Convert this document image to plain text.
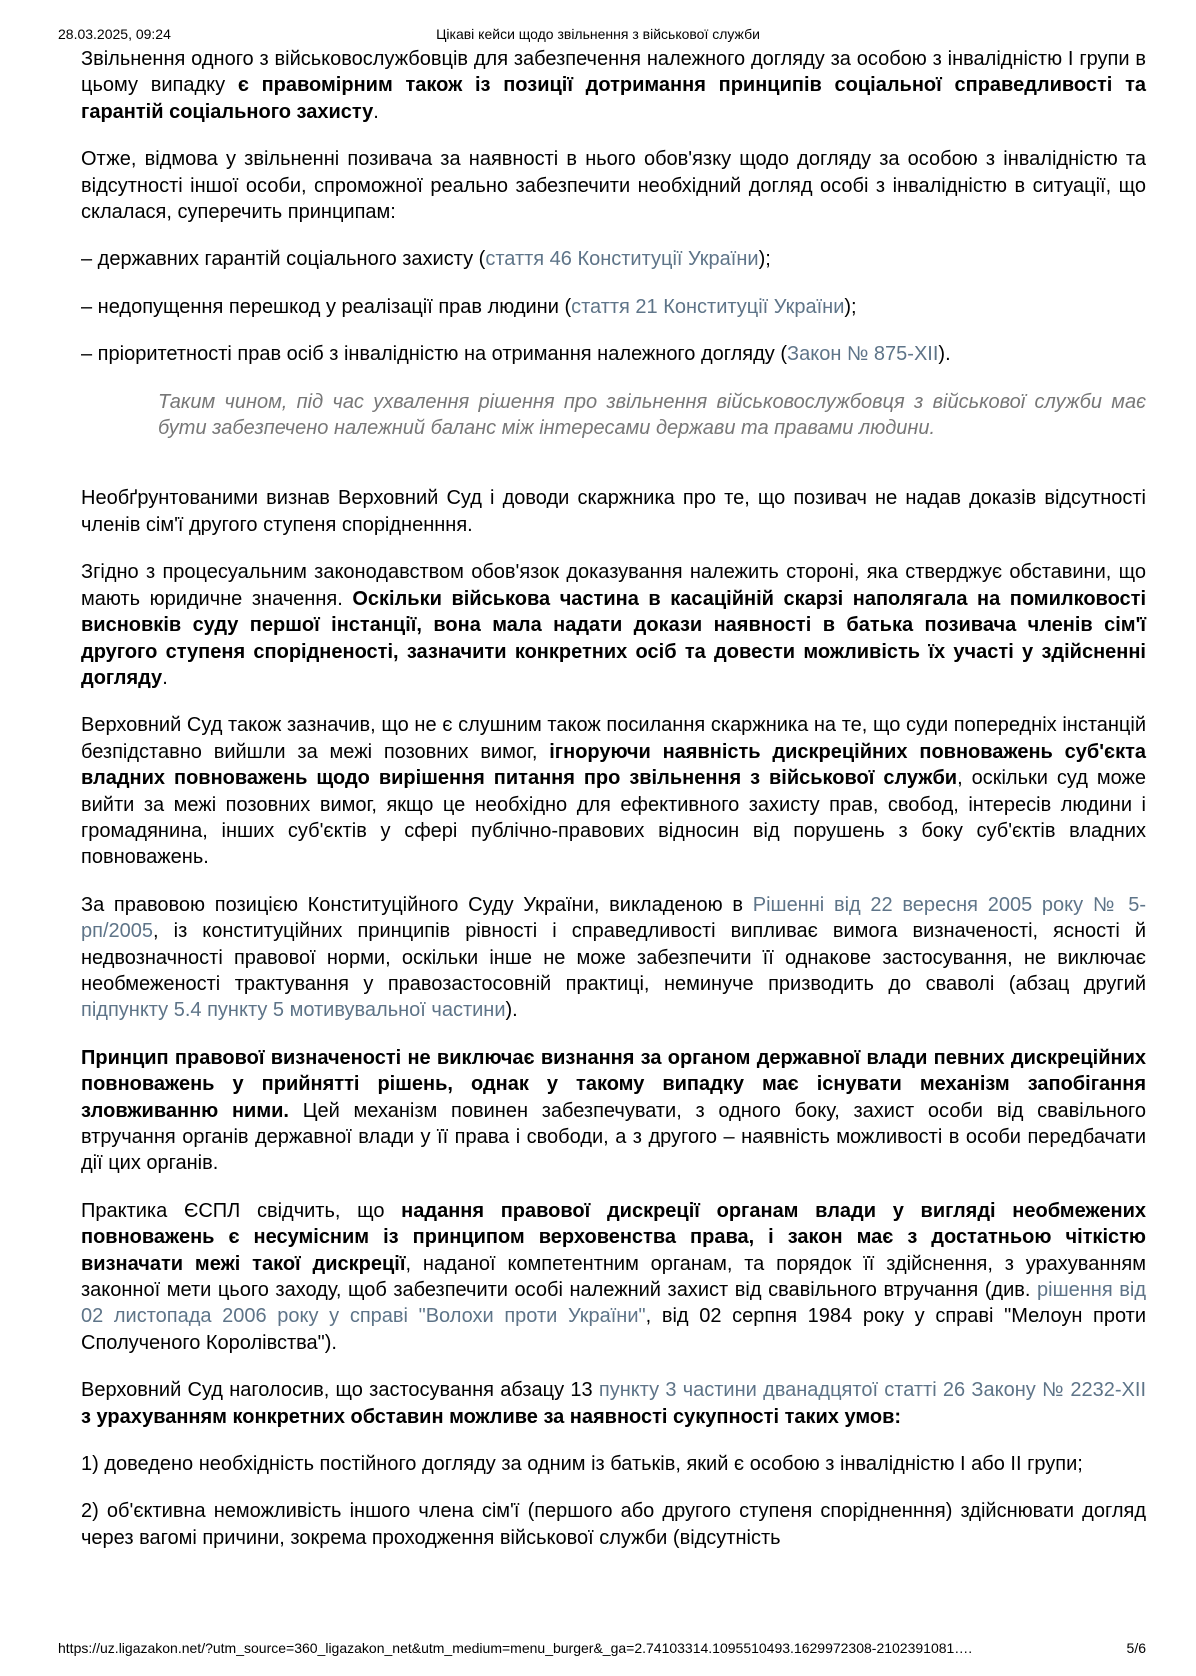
28.03.2025, 09:24	Цікаві кейси щодо звільнення з військової служби

Звільнення одного з військовослужбовців для забезпечення належного догляду за особою з інвалідністю I групи в цьому випадку є правомірним також із позиції дотримання принципів соціальної справедливості та гарантій соціального захисту.

Отже, відмова у звільненні позивача за наявності в нього обов'язку щодо догляду за особою з інвалідністю та відсутності іншої особи, спроможної реально забезпечити необхідний догляд особі з інвалідністю в ситуації, що склалася, суперечить принципам:

– державних гарантій соціального захисту (стаття 46 Конституції України);

– недопущення перешкод у реалізації прав людини (стаття 21 Конституції України);

– пріоритетності прав осіб з інвалідністю на отримання належного догляду (Закон № 875-XII).

Таким чином, під час ухвалення рішення про звільнення військовослужбовця з військової служби має бути забезпечено належний баланс між інтересами держави та правами людини.

Необґрунтованими визнав Верховний Суд і доводи скаржника про те, що позивач не надав доказів відсутності членів сім'ї другого ступеня спорідненння.

Згідно з процесуальним законодавством обов'язок доказування належить стороні, яка стверджує обставини, що мають юридичне значення. Оскільки військова частина в касаційній скарзі наполягала на помилковості висновків суду першої інстанції, вона мала надати докази наявності в батька позивача членів сім'ї другого ступеня спорідненості, зазначити конкретних осіб та довести можливість їх участі у здійсненні догляду.

Верховний Суд також зазначив, що не є слушним також посилання скаржника на те, що суди попередніх інстанцій безпідставно вийшли за межі позовних вимог, ігноруючи наявність дискреційних повноважень суб'єкта владних повноважень щодо вирішення питання про звільнення з військової служби, оскільки суд може вийти за межі позовних вимог, якщо це необхідно для ефективного захисту прав, свобод, інтересів людини і громадянина, інших суб'єктів у сфері публічно-правових відносин від порушень з боку суб'єктів владних повноважень.

За правовою позицією Конституційного Суду України, викладеною в Рішенні від 22 вересня 2005 року № 5-рп/2005, із конституційних принципів рівності і справедливості випливає вимога визначеності, ясності й недвозначності правової норми, оскільки інше не може забезпечити її однакове застосування, не виключає необмеженості трактування у правозастосовній практиці, неминуче призводить до сваволі (абзац другий підпункту 5.4 пункту 5 мотивувальної частини).

Принцип правової визначеності не виключає визнання за органом державної влади певних дискреційних повноважень у прийнятті рішень, однак у такому випадку має існувати механізм запобігання зловживанню ними. Цей механізм повинен забезпечувати, з одного боку, захист особи від свавільного втручання органів державної влади у її права і свободи, а з другого – наявність можливості в особи передбачати дії цих органів.

Практика ЄСПЛ свідчить, що надання правової дискреції органам влади у вигляді необмежених повноважень є несумісним із принципом верховенства права, і закон має з достатньою чіткістю визначати межі такої дискреції, наданої компетентним органам, та порядок її здійснення, з урахуванням законної мети цього заходу, щоб забезпечити особі належний захист від свавільного втручання (див. рішення від 02 листопада 2006 року у справі "Волохи проти України", від 02 серпня 1984 року у справі "Мелоун проти Сполученого Королівства").

Верховний Суд наголосив, що застосування абзацу 13 пункту 3 частини дванадцятої статті 26 Закону № 2232-XII з урахуванням конкретних обставин можливе за наявності сукупності таких умов:

1) доведено необхідність постійного догляду за одним із батьків, який є особою з інвалідністю I або II групи;

2) об'єктивна неможливість іншого члена сім'ї (першого або другого ступеня спорідненння) здійснювати догляд через вагомі причини, зокрема проходження військової служби (відсутність

https://uz.ligazakon.net/?utm_source=360_ligazakon_net&utm_medium=menu_burger&_ga=2.74103314.1095510493.1629972308-2102391081….	5/6
